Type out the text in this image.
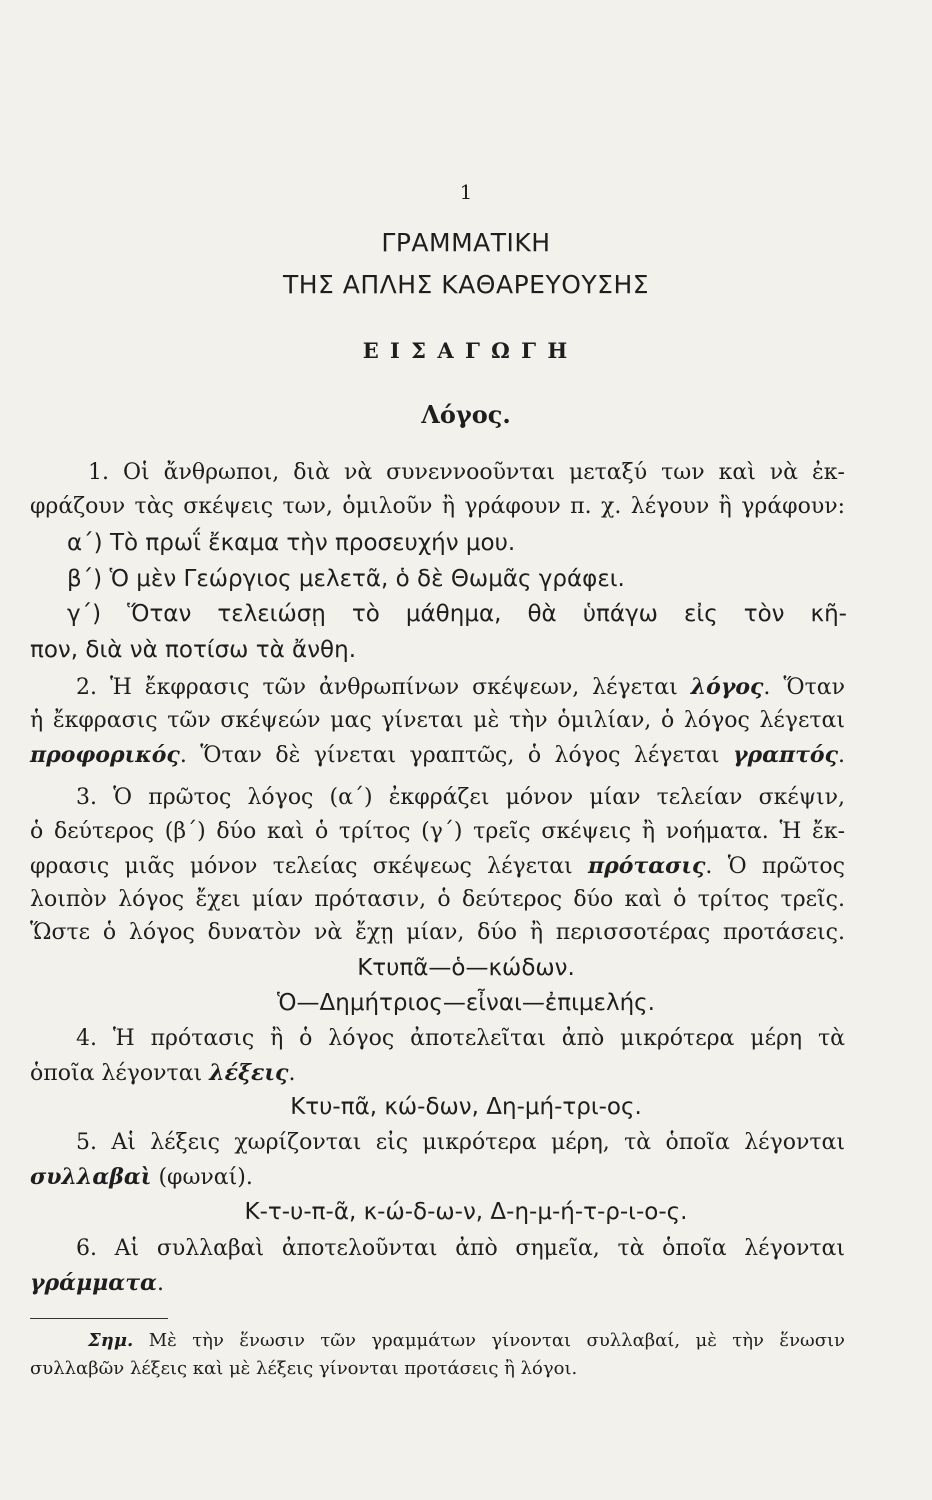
1
ΓΡΑΜΜΑΤΙΚΗ
ΤΗΣ ΑΠΛΗΣ ΚΑΘΑΡΕΥΟΥΣΗΣ
Ε Ι Σ Α Γ Ω Γ Η
Λόγος.
1. Οἱ ἄνθρωποι, διὰ νὰ συνεννοοῦνται μεταξύ των καὶ νὰ ἐκ-
φράζουν τὰς σκέψεις των, ὁμιλοῦν ἢ γράφουν π. χ. λέγουν ἢ γράφουν:
α΄) Τὸ πρωΐ ἔκαμα τὴν προσευχήν μου.
β΄) Ὁ μὲν Γεώργιος μελετᾶ, ὁ δὲ Θωμᾶς γράφει.
γ΄) Ὅταν τελειώσῃ τὸ μάθημα, θὰ ὑπάγω εἰς τὸν κῆ-
πον, διὰ νὰ ποτίσω τὰ ἄνθη.
2. Ἡ ἔκφρασις τῶν ἀνθρωπίνων σκέψεων, λέγεται λόγος. Ὅταν
ἡ ἔκφρασις τῶν σκέψεών μας γίνεται μὲ τὴν ὁμιλίαν, ὁ λόγος λέγεται
προφορικός. Ὅταν δὲ γίνεται γραπτῶς, ὁ λόγος λέγεται γραπτός.
3. Ὁ πρῶτος λόγος (α΄) ἐκφράζει μόνον μίαν τελείαν σκέψιν,
ὁ δεύτερος (β΄) δύο καὶ ὁ τρίτος (γ΄) τρεῖς σκέψεις ἢ νοήματα. Ἡ ἔκ-
φρασις μιᾶς μόνον τελείας σκέψεως λέγεται πρότασις. Ὁ πρῶτος
λοιπὸν λόγος ἔχει μίαν πρότασιν, ὁ δεύτερος δύο καὶ ὁ τρίτος τρεῖς.
Ὥστε ὁ λόγος δυνατὸν νὰ ἔχῃ μίαν, δύο ἢ περισσοτέρας προτάσεις.
Κτυπᾶ—ὁ—κώδων.
Ὁ—Δημήτριος—εἶναι—ἐπιμελής.
4. Ἡ πρότασις ἢ ὁ λόγος ἀποτελεῖται ἀπὸ μικρότερα μέρη τὰ
ὁποῖα λέγονται λέξεις.
Κτυ-πᾶ, κώ-δων, Δη-μή-τρι-ος.
5. Αἱ λέξεις χωρίζονται εἰς μικρότερα μέρη, τὰ ὁποῖα λέγονται
συλλαβαὶ (φωναί).
Κ-τ-υ-π-ᾶ, κ-ώ-δ-ω-ν, Δ-η-μ-ή-τ-ρ-ι-ο-ς.
6. Αἱ συλλαβαὶ ἀποτελοῦνται ἀπὸ σημεῖα, τὰ ὁποῖα λέγονται
γράμματα.
Σημ. Μὲ τὴν ἕνωσιν τῶν γραμμάτων γίνονται συλλαβαί, μὲ τὴν ἕνωσιν
συλλαβῶν λέξεις καὶ μὲ λέξεις γίνονται προτάσεις ἢ λόγοι.
